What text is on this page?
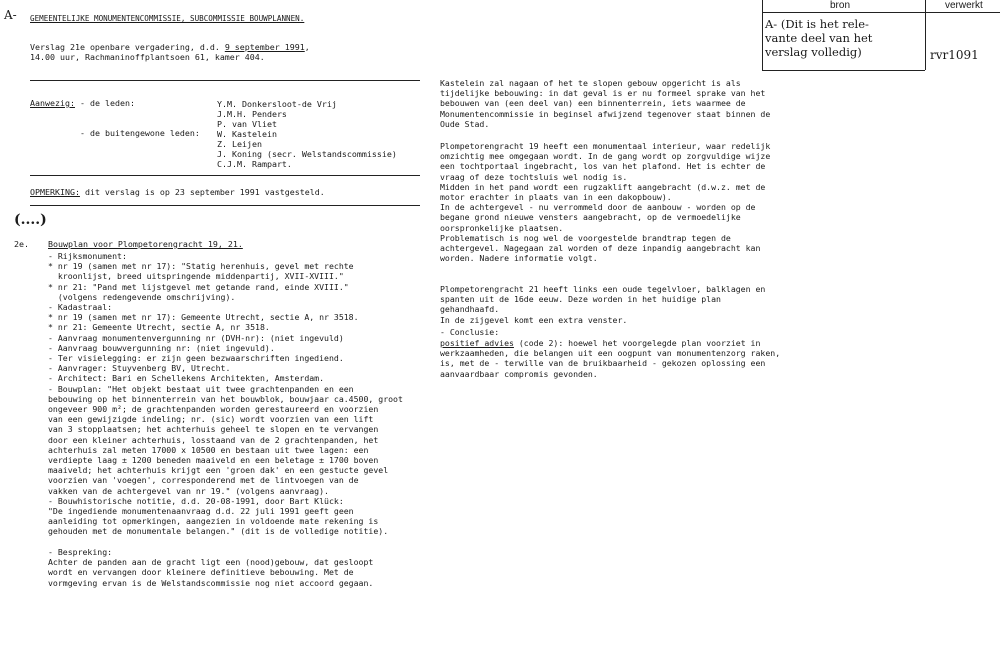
A-
bron	verwerkt
A- (Dit is het rele-
vante deel van het
verslag volledig)	rvr1091
GEMEENTELIJKE MONUMENTENCOMMISSIE, SUBCOMMISSIE BOUWPLANNEN.
Verslag 21e openbare vergadering, d.d. 9 september 1991,
14.00 uur, Rachmaninoffplantsoen 61, kamer 404.
Aanwezig: - de leden:
- de buitengewone leden:
Y.M. Donkersloot-de Vrij
J.M.H. Penders
P. van Vliet
W. Kastelein
Z. Leijen
J. Koning (secr. Welstandscommissie)
C.J.M. Rampart.
OPMERKING: dit verslag is op 23 september 1991 vastgesteld.
(....)
2e. Bouwplan voor Plompetorengracht 19, 21.
- Rijksmonument:
* nr 19 (samen met nr 17): "Statig herenhuis, gevel met rechte
kroonlijst, breed uitspringende middenpartij, XVII-XVIII."
* nr 21: "Pand met lijstgevel met getande rand, einde XVIII."
(volgens redengevende omschrijving).
- Kadastraal:
* nr 19 (samen met nr 17): Gemeente Utrecht, sectie A, nr 3518.
* nr 21: Gemeente Utrecht, sectie A, nr 3518.
- Aanvraag monumentenvergunning nr (DVH-nr): (niet ingevuld)
- Aanvraag bouwvergunning nr: (niet ingevuld).
- Ter visielegging: er zijn geen bezwaarschriften ingediend.
- Aanvrager: Stuyvenberg BV, Utrecht.
- Architect: Bari en Schellekens Architekten, Amsterdam.
- Bouwplan: "Het objekt bestaat uit twee grachtenpanden en een
bebouwing op het binnenterrein van het bouwblok, bouwjaar ca.4500, groot
ongeveer 900 m²; de grachtenpanden worden gerestaureerd en voorzien
van een gewijzigde indeling; nr. (sic) wordt voorzien van een lift
van 3 stopplaatsen; het achterhuis geheel te slopen en te vervangen
door een kleiner achterhuis, losstaand van de 2 grachtenpanden, het
achterhuis zal meten 17000 x 10500 en bestaan uit twee lagen: een
verdiepte laag ± 1200 beneden maaiveld en een beletage ± 1700 boven
maaiveld; het achterhuis krijgt een 'groen dak' en een gestucte gevel
voorzien van 'voegen', corresponderend met de lintvoegen van de
vakken van de achtergevel van nr 19." (volgens aanvraag).
- Bouwhistorische notitie, d.d. 20-08-1991, door Bart Klück:
"De ingediende monumentenaanvraag d.d. 22 juli 1991 geeft geen
aanleiding tot opmerkingen, aangezien in voldoende mate rekening is
gehouden met de monumentale belangen." (dit is de volledige notitie).

- Bespreking:
Achter de panden aan de gracht ligt een (nood)gebouw, dat gesloopt
wordt en vervangen door kleinere definitieve bebouwing. Met de
vormgeving ervan is de Welstandscommissie nog niet accoord gegaan.
Kastelein zal nagaan of het te slopen gebouw opgericht is als
tijdelijke bebouwing: in dat geval is er nu formeel sprake van het
bebouwen van (een deel van) een binnenterrein, iets waarmee de
Monumentencommissie in beginsel afwijzend tegenover staat binnen de
Oude Stad.
Plompetorengracht 19 heeft een monumentaal interieur, waar redelijk
omzichtig mee omgegaan wordt. In de gang wordt op zorgvuldige wijze
een tochtportaal ingebracht, los van het plafond. Het is echter de
vraag of deze tochtsluis wel nodig is.
Midden in het pand wordt een rugzaklift aangebracht (d.w.z. met de
motor erachter in plaats van in een dakopbouw).
In de achtergevel - nu verrommeld door de aanbouw - worden op de
begane grond nieuwe vensters aangebracht, op de vermoedelijke
oorspronkelijke plaatsen.
Problematisch is nog wel de voorgestelde brandtrap tegen de
achtergevel. Nagegaan zal worden of deze inpandig aangebracht kan
worden. Nadere informatie volgt.
Plompetorengracht 21 heeft links een oude tegelvloer, balklagen en
spanten uit de 16de eeuw. Deze worden in het huidige plan
gehandhaafd.
In de zijgevel komt een extra venster.
- Conclusie:
positief advies (code 2): hoewel het voorgelegde plan voorziet in
werkzaamheden, die belangen uit een oogpunt van monumentenzorg raken,
is, met de - terwille van de bruikbaarheid - gekozen oplossing een
aanvaardbaar compromis gevonden.
